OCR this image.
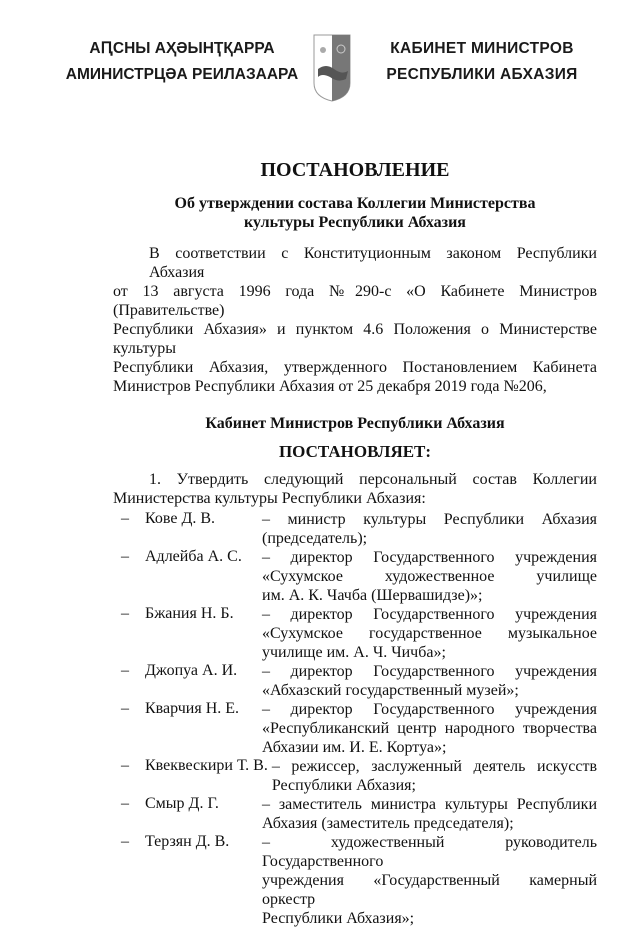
АԤСНЫ АҲӘЫНҬҚАРРА
АМИНИСТРЦӘА РЕИЛАЗААРА
КАБИНЕТ МИНИСТРОВ
РЕСПУБЛИКИ АБХАЗИЯ
ПОСТАНОВЛЕНИЕ
Об утверждении состава Коллегии Министерства
культуры Республики Абхазия
В соответствии с Конституционным законом Республики Абхазия
от 13 августа 1996 года №290-с «О Кабинете Министров (Правительстве)
Республики Абхазия» и пунктом 4.6 Положения о Министерстве культуры
Республики Абхазия, утвержденного Постановлением Кабинета
Министров Республики Абхазия от 25 декабря 2019 года №206,
Кабинет Министров Республики Абхазия
ПОСТАНОВЛЯЕТ:
1. Утвердить следующий персональный состав Коллегии
Министерства культуры Республики Абхазия:
–	Кове Д. В.	– министр культуры Республики Абхазия
(председатель);
–	Адлейба А. С.	– директор Государственного учреждения
«Сухумское художественное училище
им. А. К. Чачба (Шервашидзе)»;
–	Бжания Н. Б.	– директор Государственного учреждения
«Сухумское государственное музыкальное
училище им. А. Ч. Чичба»;
–	Джопуа А. И.	– директор Государственного учреждения
«Абхазский государственный музей»;
–	Кварчия Н. Е.	– директор Государственного учреждения
«Республиканский центр народного творчества
Абхазии им. И. Е. Кортуа»;
–	Квеквескири Т. В. – режиссер, заслуженный деятель искусств
Республики Абхазия;
–	Смыр Д. Г.	– заместитель министра культуры Республики
Абхазия (заместитель председателя);
–	Терзян Д. В.	– художественный руководитель Государственного
учреждения «Государственный камерный оркестр
Республики Абхазия»;
